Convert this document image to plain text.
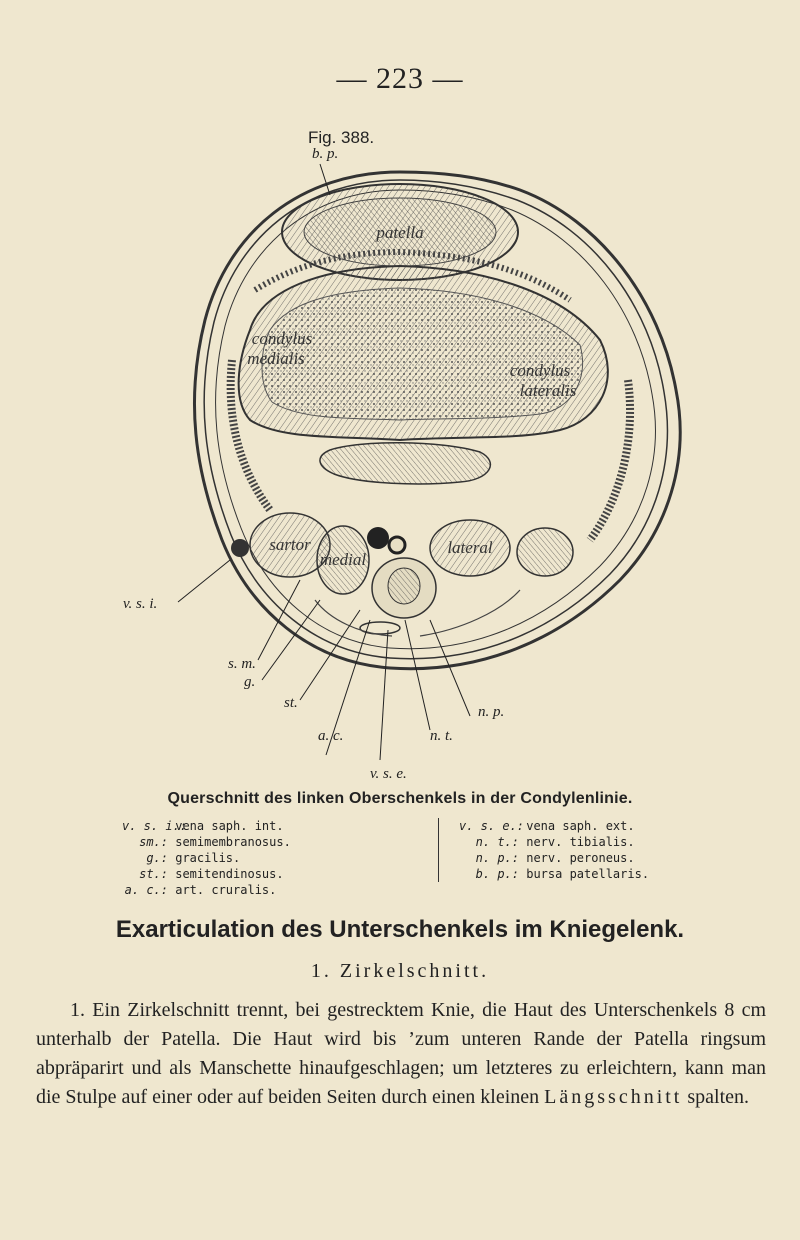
— 223 —
Fig. 388.
patella
condylus
medialis
condylus
lateralis
sartor
medial
lateral
b. p.
v. s. i.
s. m.
g.
st.
a. c.
v. s. e.
n. t.
n. p.
Querschnitt des linken Oberschenkels in der Condylenlinie.
v. s. i.: vena saph. int.
sm.: semimembranosus.
g.: gracilis.
st.: semitendinosus.
a. c.: art. cruralis.
v. s. e.: vena saph. ext.
n. t.: nerv. tibialis.
n. p.: nerv. peroneus.
b. p.: bursa patellaris.
Exarticulation des Unterschenkels im Kniegelenk.
1. Zirkelschnitt.

1. Ein Zirkelschnitt trennt, bei gestrecktem Knie, die Haut des Unterschenkels 8 cm unterhalb der Patella. Die Haut wird bis ’zum unteren Rande der Patella ringsum abpräparirt und als Manschette hinaufgeschlagen; um letzteres zu erleichtern, kann man die Stulpe auf einer oder auf beiden Seiten durch einen kleinen Längsschnitt spalten.
